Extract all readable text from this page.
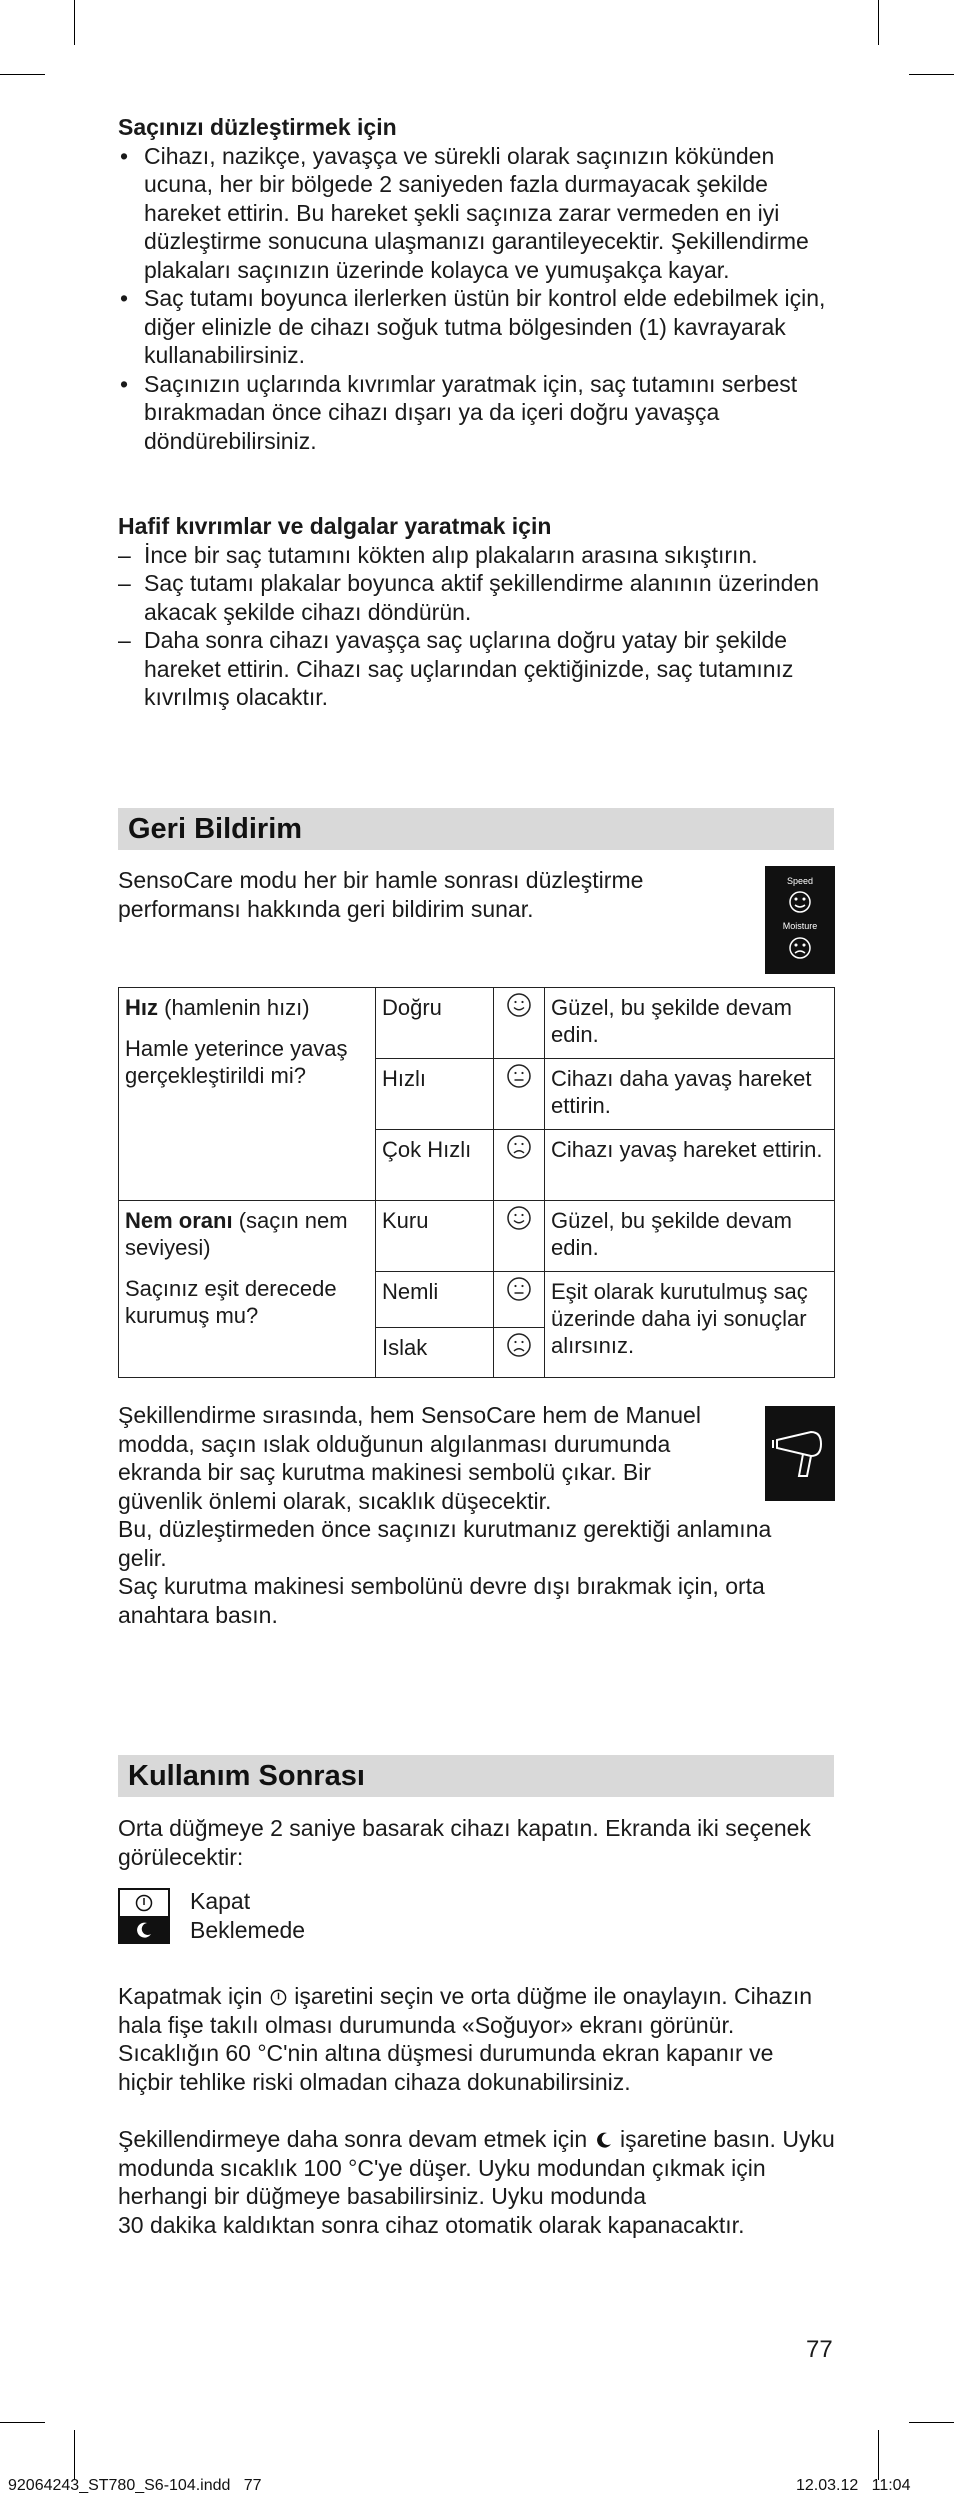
Saçınızı düzleştirmek için

• Cihazı, nazikçe, yavaşça ve sürekli olarak saçınızın kökünden ucuna, her bir bölgede 2 saniyeden fazla durmayacak şekilde hareket ettirin. Bu hareket şekli saçınıza zarar vermeden en iyi düzleştirme sonucuna ulaşmanızı garantileyecektir. Şekillendirme plakaları saçınızın üzerinde kolayca ve yumuşakça kayar.
• Saç tutamı boyunca ilerlerken üstün bir kontrol elde edebilmek için, diğer elinizle de cihazı soğuk tutma bölgesinden (1) kavrayarak kullanabilirsiniz.
• Saçınızın uçlarında kıvrımlar yaratmak için, saç tutamını serbest bırakmadan önce cihazı dışarı ya da içeri doğru yavaşça döndürebilirsiniz.

Hafif kıvrımlar ve dalgalar yaratmak için

– İnce bir saç tutamını kökten alıp plakaların arasına sıkıştırın.
– Saç tutamı plakalar boyunca aktif şekillendirme alanının üzerinden akacak şekilde cihazı döndürün.
– Daha sonra cihazı yavaşça saç uçlarına doğru yatay bir şekilde hareket ettirin. Cihazı saç uçlarından çektiğinizde, saç tutamınız kıvrılmış olacaktır.
Geri Bildirim

SensoCare modu her bir hamle sonrası düzleştirme performansı hakkında geri bildirim sunar.

Speed
Moisture
Hız (hamlenin hızı)
Hamle yeterince yavaş gerçekleştirildi mi?	Doğru		Güzel, bu şekilde devam edin.
	Hızlı		Cihazı daha yavaş hareket ettirin.
	Çok Hızlı		Cihazı yavaş hareket ettirin.

Nem oranı (saçın nem seviyesi)
Saçınız eşit derecede kurumuş mu?	Kuru		Güzel, bu şekilde devam edin.
	Nemli		Eşit olarak kurutulmuş saç üzerinde daha iyi sonuçlar alırsınız.
	Islak	

Şekillendirme sırasında, hem SensoCare hem de Manuel modda, saçın ıslak olduğunun algılanması durumunda ekranda bir saç kurutma makinesi sembolü çıkar. Bir güvenlik önlemi olarak, sıcaklık düşecektir.

Bu, düzleştirmeden önce saçınızı kurutmanız gerektiği anlamına gelir.

Saç kurutma makinesi sembolünü devre dışı bırakmak için, orta anahtara basın.

Kullanım Sonrası

Orta düğmeye 2 saniye basarak cihazı kapatın. Ekranda iki seçenek görülecektir:

Kapat
Beklemede

Kapatmak için  işaretini seçin ve orta düğme ile onaylayın. Cihazın hala fişe takılı olması durumunda «Soğuyor» ekranı görünür. Sıcaklığın 60 °C'nin altına düşmesi durumunda ekran kapanır ve hiçbir tehlike riski olmadan cihaza dokunabilirsiniz.

Şekillendirmeye daha sonra devam etmek için  işaretine basın. Uyku modunda sıcaklık 100 °C'ye düşer. Uyku modundan çıkmak için herhangi bir düğmeye basabilirsiniz. Uyku modunda

30 dakika kaldıktan sonra cihaz otomatik olarak kapanacaktır.

77
92064243_ST780_S6-104.indd   77	12.03.12   11:04
